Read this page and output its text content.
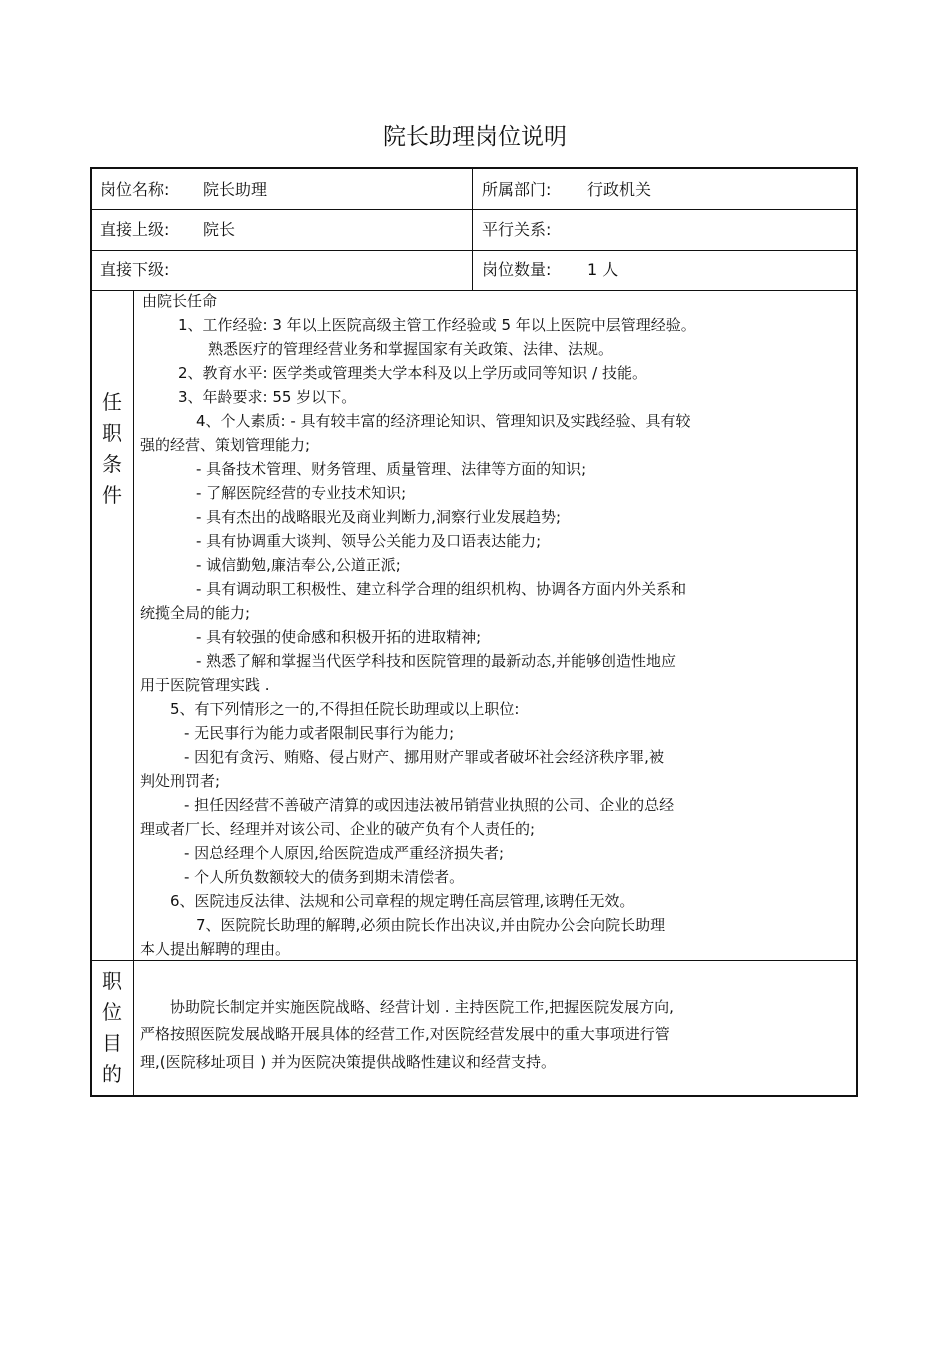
院长助理岗位说明
岗位名称: 院长助理	所属部门: 行政机关
直接上级: 院长	平行关系:
直接下级:	岗位数量: 1 人
任
职
条
件
由院长任命
1、工作经验: 3 年以上医院高级主管工作经验或 5 年以上医院中层管理经验。
熟悉医疗的管理经营业务和掌握国家有关政策、法律、法规。
2、教育水平: 医学类或管理类大学本科及以上学历或同等知识 / 技能。
3、年龄要求: 55 岁以下。
4、个人素质: - 具有较丰富的经济理论知识、管理知识及实践经验、具有较
强的经营、策划管理能力;
- 具备技术管理、财务管理、质量管理、法律等方面的知识;
- 了解医院经营的专业技术知识;
- 具有杰出的战略眼光及商业判断力,洞察行业发展趋势;
- 具有协调重大谈判、领导公关能力及口语表达能力;
- 诚信勤勉,廉洁奉公,公道正派;
- 具有调动职工积极性、建立科学合理的组织机构、协调各方面内外关系和
统揽全局的能力;
- 具有较强的使命感和积极开拓的进取精神;
- 熟悉了解和掌握当代医学科技和医院管理的最新动态,并能够创造性地应
用于医院管理实践 .
5、有下列情形之一的,不得担任院长助理或以上职位:
- 无民事行为能力或者限制民事行为能力;
- 因犯有贪污、贿赂、侵占财产、挪用财产罪或者破坏社会经济秩序罪,被
判处刑罚者;
- 担任因经营不善破产清算的或因违法被吊销营业执照的公司、企业的总经
理或者厂长、经理并对该公司、企业的破产负有个人责任的;
- 因总经理个人原因,给医院造成严重经济损失者;
- 个人所负数额较大的债务到期未清偿者。
6、医院违反法律、法规和公司章程的规定聘任高层管理,该聘任无效。
7、医院院长助理的解聘,必须由院长作出决议,并由院办公会向院长助理
本人提出解聘的理由。
职
位
目
的
协助院长制定并实施医院战略、经营计划 . 主持医院工作,把握医院发展方向,
严格按照医院发展战略开展具体的经营工作,对医院经营发展中的重大事项进行管
理,(医院移址项目 ) 并为医院决策提供战略性建议和经营支持。
